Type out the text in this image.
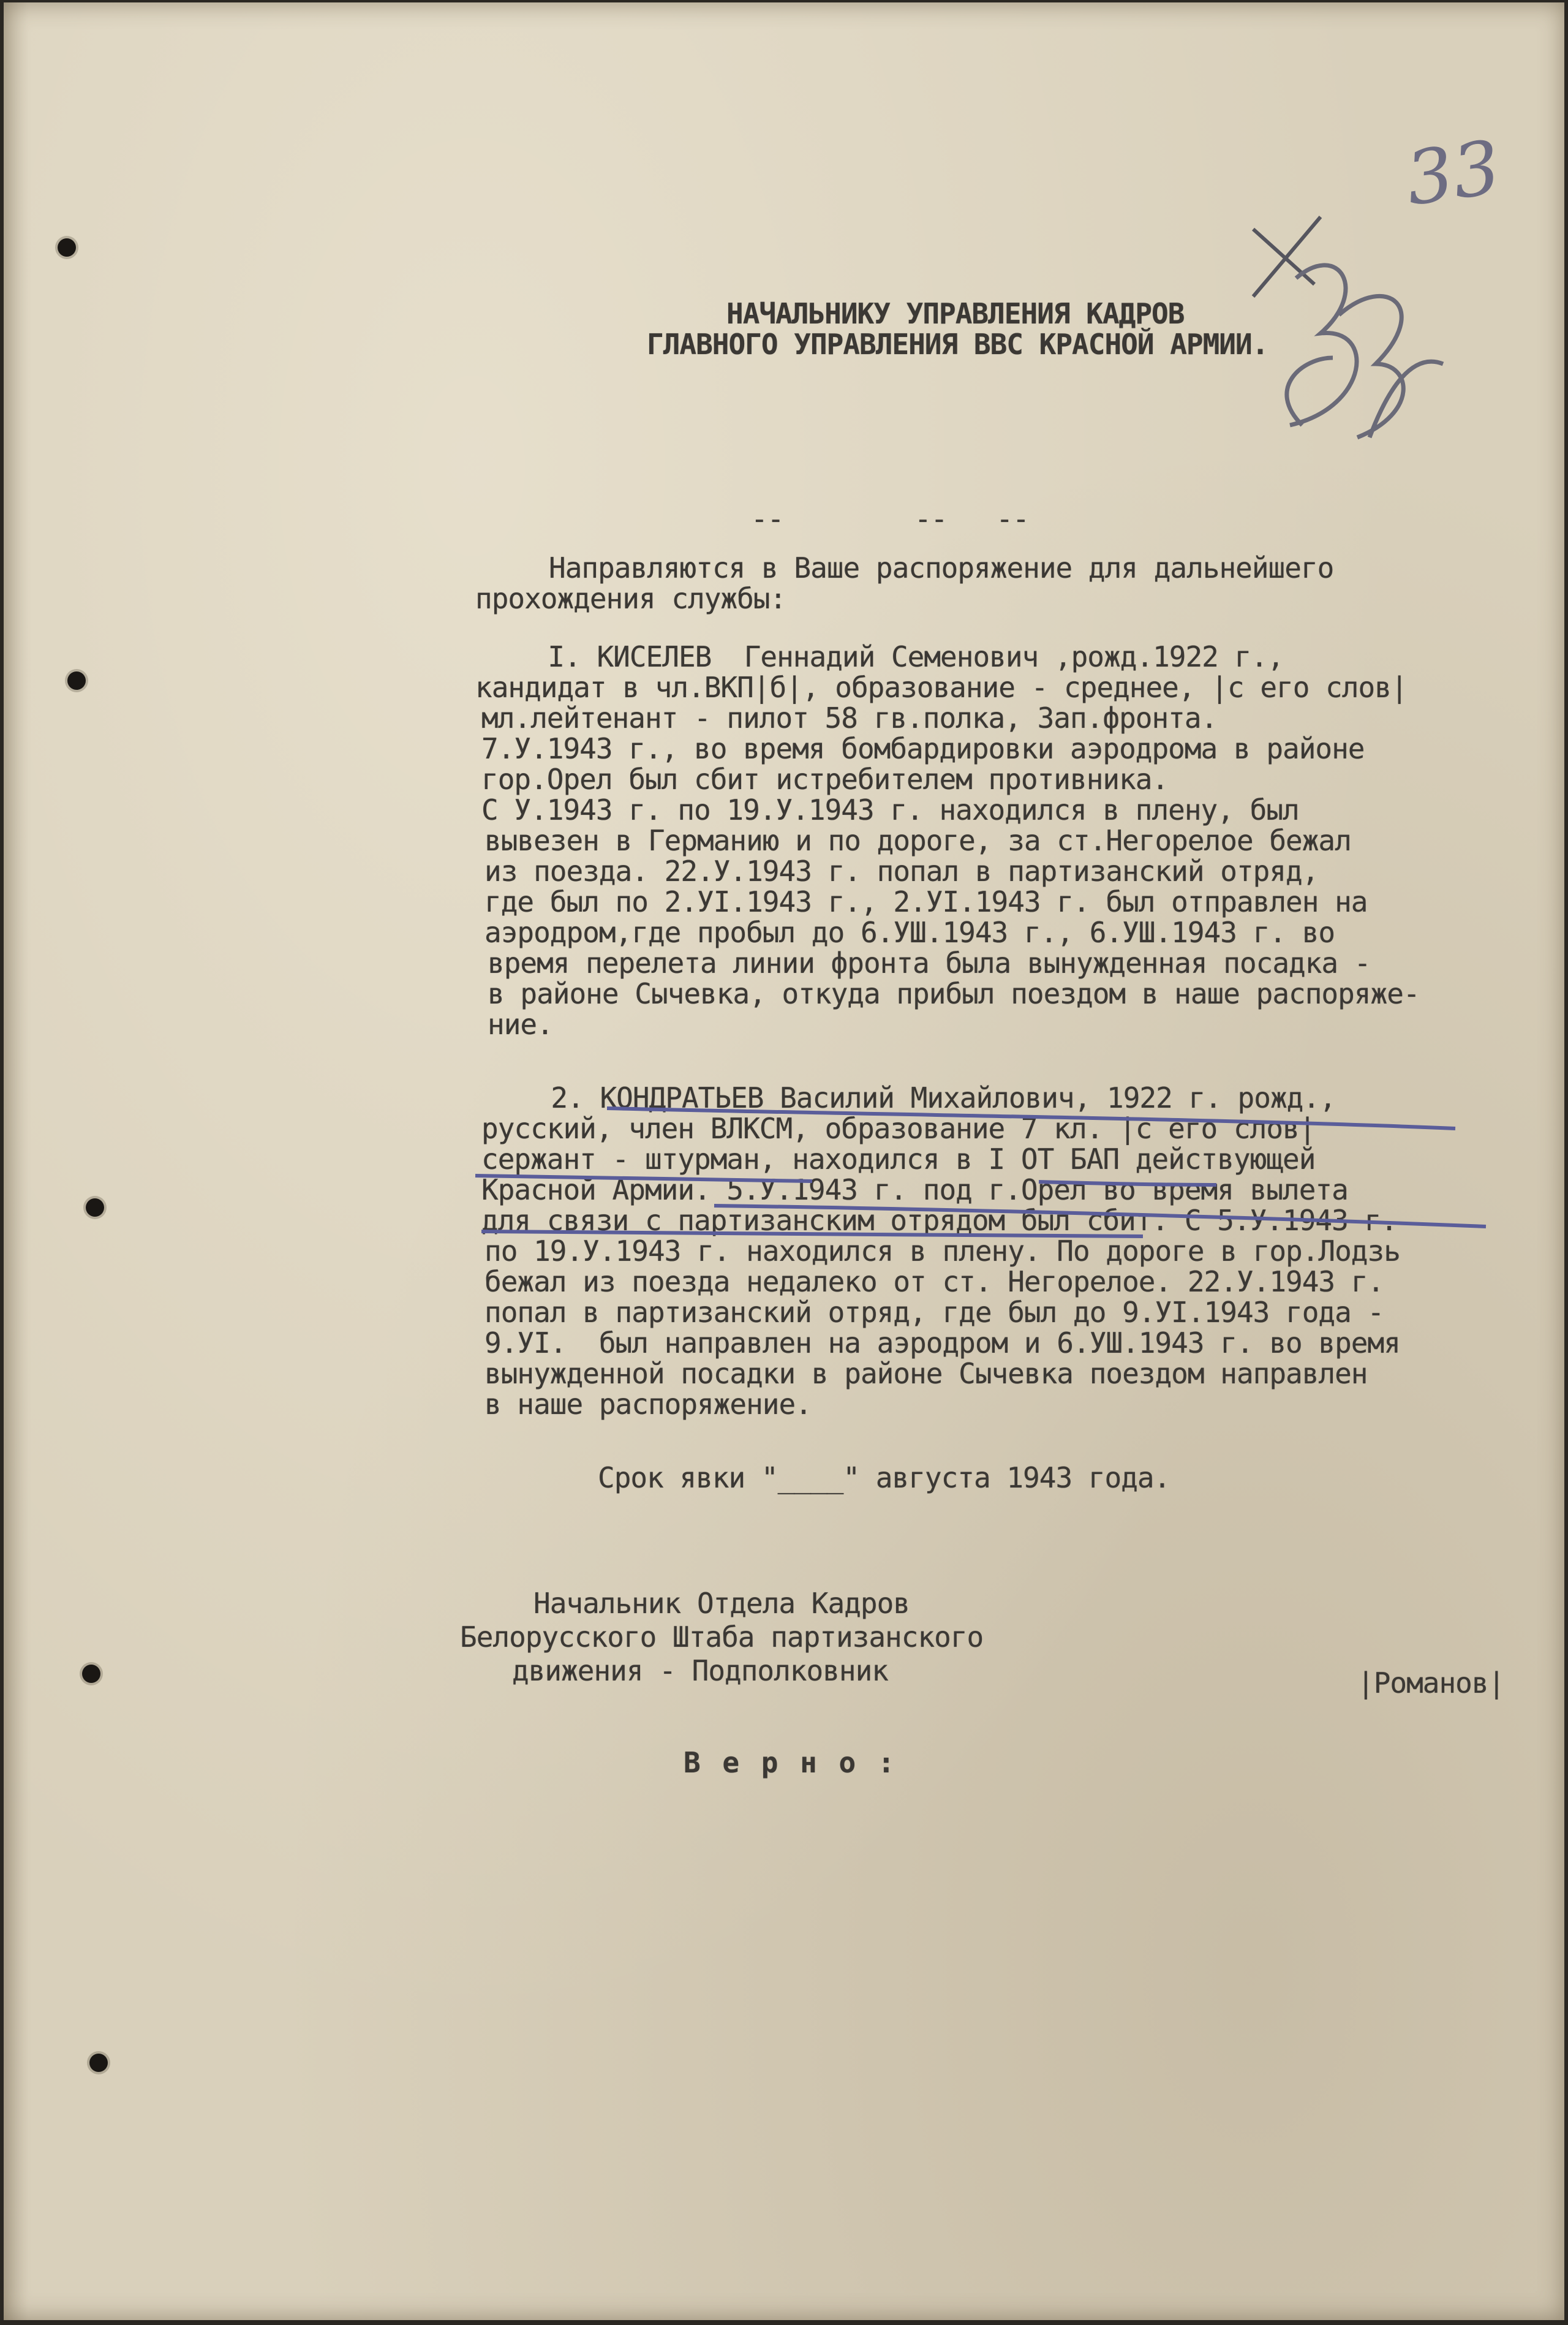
33
НАЧАЛЬНИКУ УПРАВЛЕНИЯ КАДРОВ
ГЛАВНОГО УПРАВЛЕНИЯ ВВС КРАСНОЙ АРМИИ.
--        --   --
Направляются в Ваше распоряжение для дальнейшего
прохождения службы:
I. КИСЕЛЕВ  Геннадий Семенович ,рожд.1922 г.,
кандидат в чл.ВКП|б|, образование - среднее, |с его слов|
мл.лейтенант - пилот 58 гв.полка, Зап.фронта.
7.У.1943 г., во время бомбардировки аэродрома в районе
гор.Орел был сбит истребителем противника.
С У.1943 г. по 19.У.1943 г. находился в плену, был
вывезен в Германию и по дороге, за ст.Негорелое бежал
из поезда. 22.У.1943 г. попал в партизанский отряд,
где был по 2.УI.1943 г., 2.УI.1943 г. был отправлен на
аэродром,где пробыл до 6.УШ.1943 г., 6.УШ.1943 г. во
время перелета линии фронта была вынужденная посадка -
в районе Сычевка, откуда прибыл поездом в наше распоряже-
ние.
2. КОНДРАТЬЕВ Василий Михайлович, 1922 г. рожд.,
русский, член ВЛКСМ, образование 7 кл. |с его слов|
сержант - штурман, находился в I ОТ БАП действующей
Красной Армии. 5.У.1943 г. под г.Орел во время вылета
для связи с партизанским отрядом был сбит. С 5.У.1943 г.
по 19.У.1943 г. находился в плену. По дороге в гор.Лодзь
бежал из поезда недалеко от ст. Негорелое. 22.У.1943 г.
попал в партизанский отряд, где был до 9.УI.1943 года -
9.УI.  был направлен на аэродром и 6.УШ.1943 г. во время
вынужденной посадки в районе Сычевка поездом направлен
в наше распоряжение.
Срок явки "____" августа 1943 года.
Начальник Отдела Кадров
Белорусского Штаба партизанского
движения - Подполковник	|Романов|
В е р н о :
